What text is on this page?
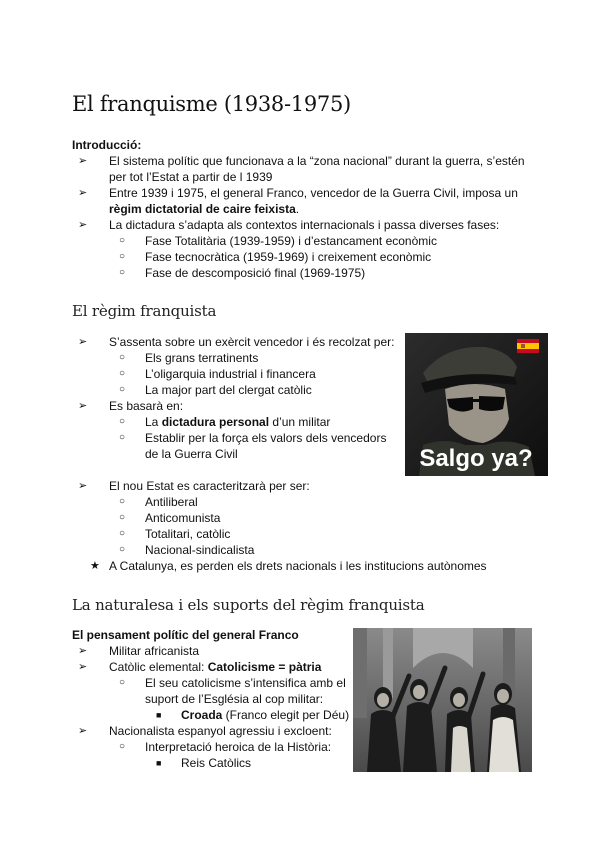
El franquisme (1938-1975)
Introducció:
➢ El sistema polític que funcionava a la “zona nacional” durant la guerra, s’estén per tot l’Estat a partir de l 1939
➢ Entre 1939 i 1975, el general Franco, vencedor de la Guerra Civil, imposa un règim dictatorial de caire feixista.
➢ La dictadura s’adapta als contextos internacionals i passa diverses fases:
○ Fase Totalitària (1939-1959) i d’estancament econòmic
○ Fase tecnocràtica (1959-1969) i creixement econòmic
○ Fase de descomposició final (1969-1975)
El règim franquista
➢ S’assenta sobre un exèrcit vencedor i és recolzat per:
○ Els grans terratinents
○ L’oligarquia industrial i financera
○ La major part del clergat catòlic
➢ Es basarà en:
○ La dictadura personal d’un militar
○ Establir per la força els valors dels vencedors de la Guerra Civil
➢ El nou Estat es caracteritzarà per ser:
○ Antiliberal
○ Anticomunista
○ Totalitari, catòlic
○ Nacional-sindicalista
★ A Catalunya, es perden els drets nacionals i les institucions autònomes
Salgo ya?
La naturalesa i els suports del règim franquista
El pensament polític del general Franco
➢ Militar africanista
➢ Catòlic elemental: Catolicisme = pàtria
○ El seu catolicisme s’intensifica amb el suport de l’Església al cop militar:
■ Croada (Franco elegit per Déu)
➢ Nacionalista espanyol agressiu i excloent:
○ Interpretació heroica de la Història:
■ Reis Catòlics
